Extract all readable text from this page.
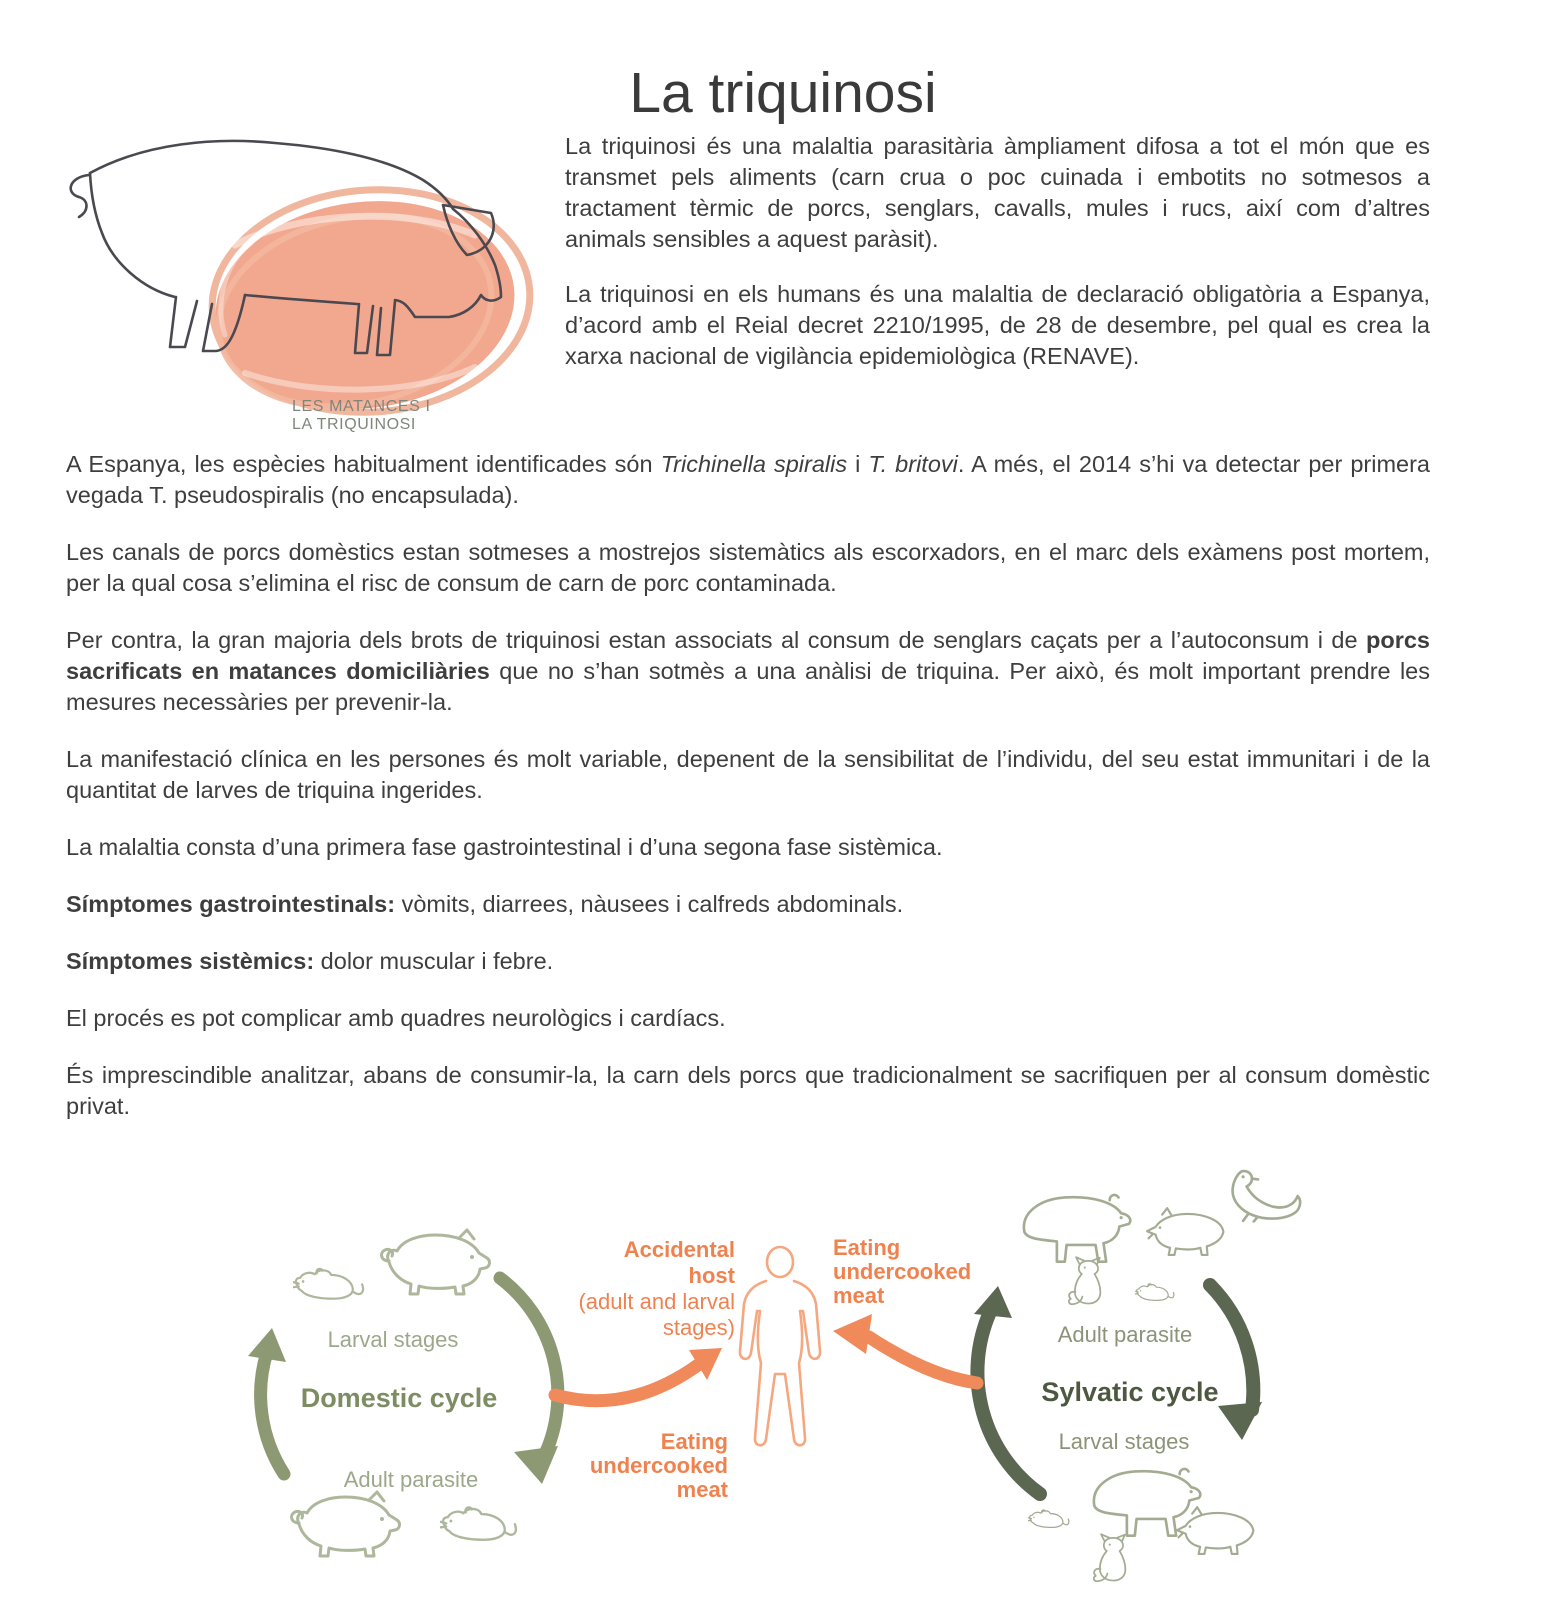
La triquinosi
LES MATANCES I
LA TRIQUINOSI

La triquinosi és una malaltia parasitària àmpliament difosa a tot el món que es transmet pels aliments (carn crua o poc cuinada i embotits no sotmesos a tractament tèrmic de porcs, senglars, cavalls, mules i rucs, així com d’altres animals sensibles a aquest paràsit).

La triquinosi en els humans és una malaltia de declaració obligatòria a Espanya, d’acord amb el Reial decret 2210/1995, de 28 de desembre, pel qual es crea la xarxa nacional de vigilància epidemiològica (RENAVE).

A Espanya, les espècies habitualment identificades són Trichinella spiralis i T. britovi. A més, el 2014 s’hi va detectar per primera vegada T. pseudospiralis (no encapsulada).

Les canals de porcs domèstics estan sotmeses a mostrejos sistemàtics als escorxadors, en el marc dels exàmens post mortem, per la qual cosa s’elimina el risc de consum de carn de porc contaminada.

Per contra, la gran majoria dels brots de triquinosi estan associats al consum de senglars caçats per a l’autoconsum i de porcs sacrificats en matances domiciliàries que no s’han sotmès a una anàlisi de triquina. Per això, és molt important prendre les mesures necessàries per prevenir-la.

La manifestació clínica en les persones és molt variable, depenent de la sensibilitat de l’individu, del seu estat immunitari i de la quantitat de larves de triquina ingerides.

La malaltia consta d’una primera fase gastrointestinal i d’una segona fase sistèmica.

Símptomes gastrointestinals: vòmits, diarrees, nàusees i calfreds abdominals.

Símptomes sistèmics: dolor muscular i febre.

El procés es pot complicar amb quadres neurològics i cardíacs.

És imprescindible analitzar, abans de consumir-la, la carn dels porcs que tradicionalment se sacrifiquen per al consum domèstic privat.

Larval stages
Domestic cycle
Adult parasite
Accidental
host
(adult and larval
stages)
Eating
undercooked
meat
Eating
undercooked
meat
Adult parasite
Sylvatic cycle
Larval stages
